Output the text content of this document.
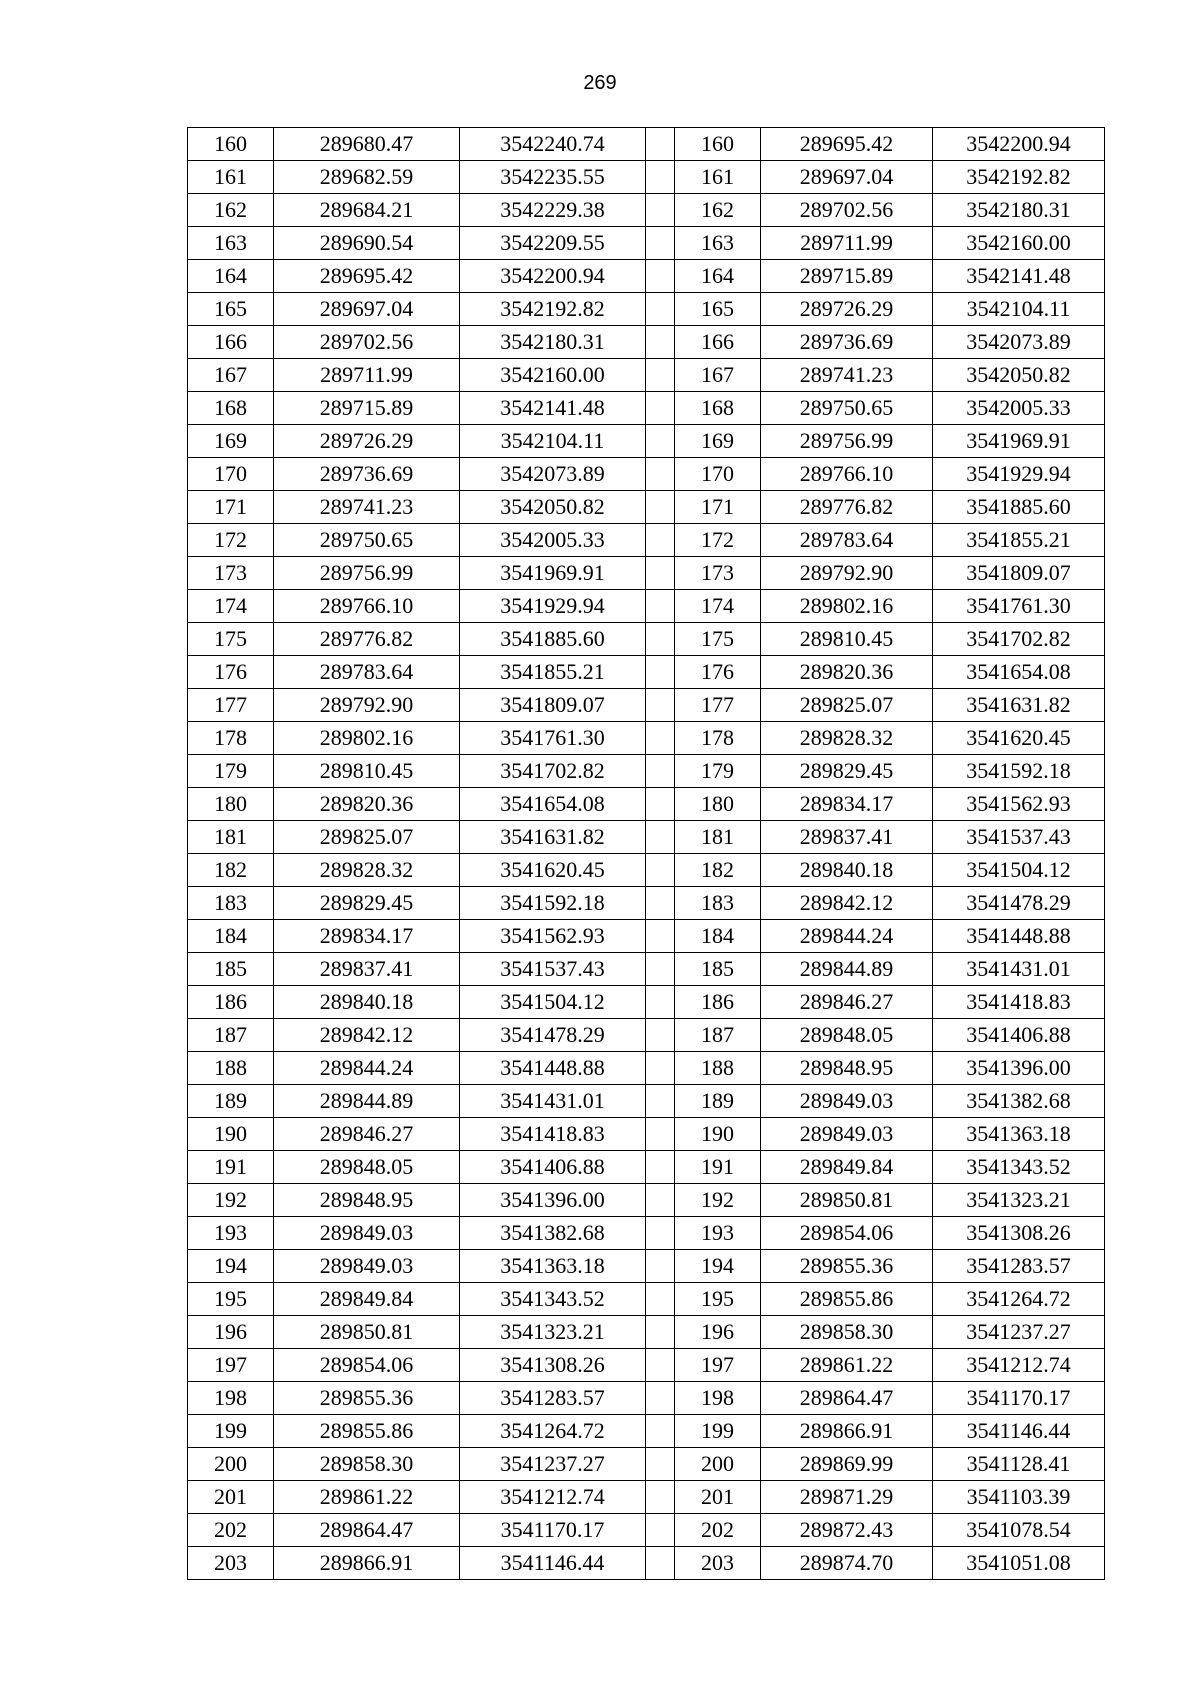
269
160	289680.47	3542240.74		160	289695.42	3542200.94
161	289682.59	3542235.55		161	289697.04	3542192.82
162	289684.21	3542229.38		162	289702.56	3542180.31
163	289690.54	3542209.55		163	289711.99	3542160.00
164	289695.42	3542200.94		164	289715.89	3542141.48
165	289697.04	3542192.82		165	289726.29	3542104.11
166	289702.56	3542180.31		166	289736.69	3542073.89
167	289711.99	3542160.00		167	289741.23	3542050.82
168	289715.89	3542141.48		168	289750.65	3542005.33
169	289726.29	3542104.11		169	289756.99	3541969.91
170	289736.69	3542073.89		170	289766.10	3541929.94
171	289741.23	3542050.82		171	289776.82	3541885.60
172	289750.65	3542005.33		172	289783.64	3541855.21
173	289756.99	3541969.91		173	289792.90	3541809.07
174	289766.10	3541929.94		174	289802.16	3541761.30
175	289776.82	3541885.60		175	289810.45	3541702.82
176	289783.64	3541855.21		176	289820.36	3541654.08
177	289792.90	3541809.07		177	289825.07	3541631.82
178	289802.16	3541761.30		178	289828.32	3541620.45
179	289810.45	3541702.82		179	289829.45	3541592.18
180	289820.36	3541654.08		180	289834.17	3541562.93
181	289825.07	3541631.82		181	289837.41	3541537.43
182	289828.32	3541620.45		182	289840.18	3541504.12
183	289829.45	3541592.18		183	289842.12	3541478.29
184	289834.17	3541562.93		184	289844.24	3541448.88
185	289837.41	3541537.43		185	289844.89	3541431.01
186	289840.18	3541504.12		186	289846.27	3541418.83
187	289842.12	3541478.29		187	289848.05	3541406.88
188	289844.24	3541448.88		188	289848.95	3541396.00
189	289844.89	3541431.01		189	289849.03	3541382.68
190	289846.27	3541418.83		190	289849.03	3541363.18
191	289848.05	3541406.88		191	289849.84	3541343.52
192	289848.95	3541396.00		192	289850.81	3541323.21
193	289849.03	3541382.68		193	289854.06	3541308.26
194	289849.03	3541363.18		194	289855.36	3541283.57
195	289849.84	3541343.52		195	289855.86	3541264.72
196	289850.81	3541323.21		196	289858.30	3541237.27
197	289854.06	3541308.26		197	289861.22	3541212.74
198	289855.36	3541283.57		198	289864.47	3541170.17
199	289855.86	3541264.72		199	289866.91	3541146.44
200	289858.30	3541237.27		200	289869.99	3541128.41
201	289861.22	3541212.74		201	289871.29	3541103.39
202	289864.47	3541170.17		202	289872.43	3541078.54
203	289866.91	3541146.44		203	289874.70	3541051.08
